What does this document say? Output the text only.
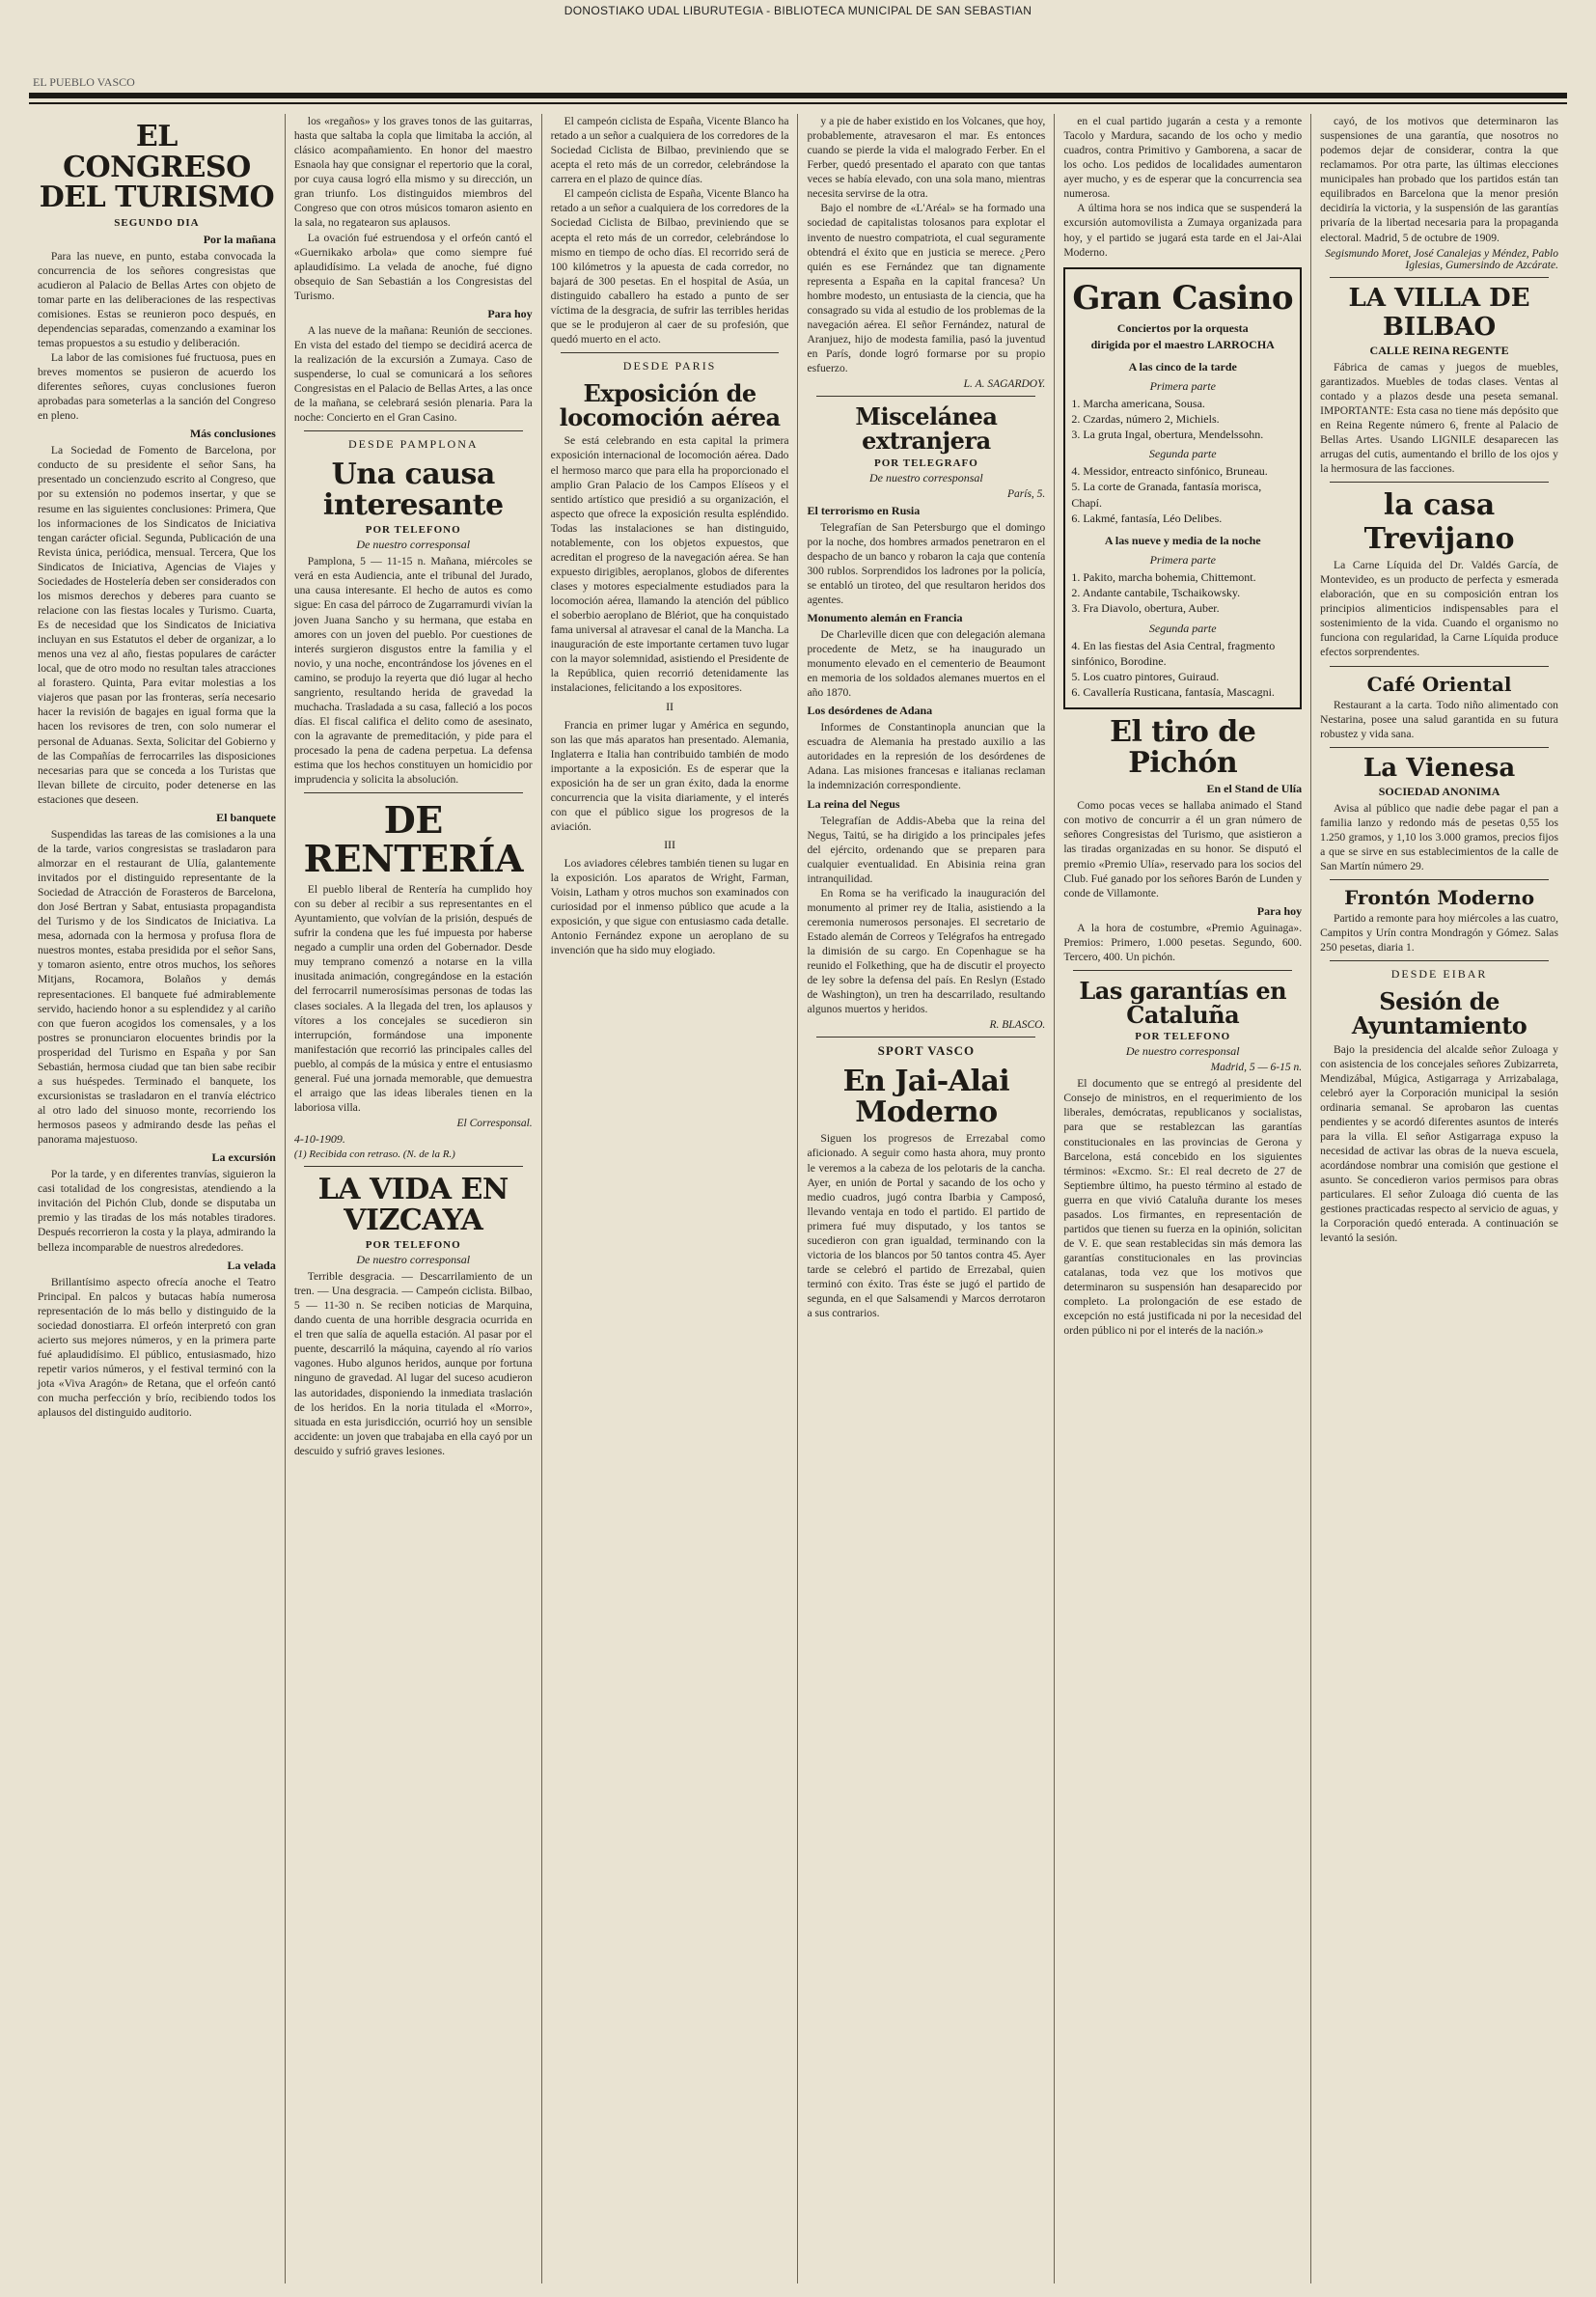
DONOSTIAKO UDAL LIBURUTEGIA - BIBLIOTECA MUNICIPAL DE SAN SEBASTIAN
EL PUEBLO VASCO
EL CONGRESO DEL TURISMO
SEGUNDO DIA
Por la mañana

Para las nueve, en punto, estaba convocada la concurrencia de los señores congresistas que acudieron al Palacio de Bellas Artes con objeto de tomar parte en las deliberaciones de las respectivas comisiones. Estas se reunieron poco después, en dependencias separadas, comenzando a examinar los temas propuestos a su estudio y deliberación.

La labor de las comisiones fué fructuosa, pues en breves momentos se pusieron de acuerdo los diferentes señores, cuyas conclusiones fueron aprobadas para someterlas a la sanción del Congreso en pleno.

Más conclusiones

La Sociedad de Fomento de Barcelona, por conducto de su presidente el señor Sans, ha presentado un concienzudo escrito al Congreso, que por su extensión no podemos insertar, y que se resume en las siguientes conclusiones: Primera, Que los informaciones de los Sindicatos de Iniciativa tengan carácter oficial. Segunda, Publicación de una Revista única, periódica, mensual. Tercera, Que los Sindicatos de Iniciativa, Agencias de Viajes y Sociedades de Hostelería deben ser considerados con los mismos derechos y deberes para cuanto se relacione con las fiestas locales y Turismo. Cuarta, Es de necesidad que los Sindicatos de Iniciativa incluyan en sus Estatutos el deber de organizar, a lo menos una vez al año, fiestas populares de carácter local, que de otro modo no resultan tales atracciones al forastero. Quinta, Para evitar molestias a los viajeros que pasan por las fronteras, sería necesario hacer la revisión de bagajes en igual forma que la hacen los revisores de tren, con solo numerar el personal de Aduanas. Sexta, Solicitar del Gobierno y de las Compañías de ferrocarriles las disposiciones necesarias para que se conceda a los Turistas que llevan billete de circuito, poder detenerse en las estaciones que deseen.

El banquete

Suspendidas las tareas de las comisiones a la una de la tarde, varios congresistas se trasladaron para almorzar en el restaurant de Ulía, galantemente invitados por el distinguido representante de la Sociedad de Atracción de Forasteros de Barcelona, don José Bertran y Sabat, entusiasta propagandista del Turismo y de los Sindicatos de Iniciativa. La mesa, adornada con la hermosa y profusa flora de nuestros montes, estaba presidida por el señor Sans, y tomaron asiento, entre otros muchos, los señores Mitjans, Rocamora, Bolaños y demás representaciones. El banquete fué admirablemente servido, haciendo honor a su esplendidez y al cariño con que fueron acogidos los comensales, y a los postres se pronunciaron elocuentes brindis por la prosperidad del Turismo en España y por San Sebastián, hermosa ciudad que tan bien sabe recibir a sus huéspedes. Terminado el banquete, los excursionistas se trasladaron en el tranvía eléctrico al otro lado del sinuoso monte, recorriendo los hermosos paseos y admirando desde las peñas el panorama majestuoso.

La excursión

Por la tarde, y en diferentes tranvías, siguieron la casi totalidad de los congresistas, atendiendo a la invitación del Pichón Club, donde se disputaba un premio y las tiradas de los más notables tiradores. Después recorrieron la costa y la playa, admirando la belleza incomparable de nuestros alrededores.

La velada

Brillantísimo aspecto ofrecía anoche el Teatro Principal. En palcos y butacas había numerosa representación de lo más bello y distinguido de la sociedad donostiarra. El orfeón interpretó con gran acierto sus mejores números, y en la primera parte fué aplaudidísimo. El público, entusiasmado, hizo repetir varios números, y el festival terminó con la jota «Viva Aragón» de Retana, que el orfeón cantó con mucha perfección y brío, recibiendo todos los aplausos del distinguido auditorio.

los «regaños» y los graves tonos de las guitarras, hasta que saltaba la copla que limitaba la acción, al clásico acompañamiento. En honor del maestro Esnaola hay que consignar el repertorio que la coral, por cuya causa logró ella mismo y su dirección, un gran triunfo. Los distinguidos miembros del Congreso que con otros músicos tomaron asiento en la sala, no regatearon sus aplausos.

La ovación fué estruendosa y el orfeón cantó el «Guernikako arbola» que como siempre fué aplaudidísimo. La velada de anoche, fué digno obsequio de San Sebastián a los Congresistas del Turismo.

Para hoy

A las nueve de la mañana: Reunión de secciones. En vista del estado del tiempo se decidirá acerca de la realización de la excursión a Zumaya. Caso de suspenderse, lo cual se comunicará a los señores Congresistas en el Palacio de Bellas Artes, a las once de la mañana, se celebrará sesión plenaria. Para la noche: Concierto en el Gran Casino.

DESDE PAMPLONA
Una causa interesante
POR TELEFONO
De nuestro corresponsal

Pamplona, 5 — 11-15 n. Mañana, miércoles se verá en esta Audiencia, ante el tribunal del Jurado, una causa interesante. El hecho de autos es como sigue: En casa del párroco de Zugarramurdi vivían la joven Juana Sancho y su hermana, que estaba en amores con un joven del pueblo. Por cuestiones de interés surgieron disgustos entre la familia y el novio, y una noche, encontrándose los jóvenes en el camino, se produjo la reyerta que dió lugar al hecho sangriento, resultando herida de gravedad la muchacha. Trasladada a su casa, falleció a los pocos días. El fiscal califica el delito como de asesinato, con la agravante de premeditación, y pide para el procesado la pena de cadena perpetua. La defensa estima que los hechos constituyen un homicidio por imprudencia y solicita la absolución.

DE RENTERÍA

El pueblo liberal de Rentería ha cumplido hoy con su deber al recibir a sus representantes en el Ayuntamiento, que volvían de la prisión, después de sufrir la condena que les fué impuesta por haberse negado a cumplir una orden del Gobernador. Desde muy temprano comenzó a notarse en la villa inusitada animación, congregándose en la estación del ferrocarril numerosísimas personas de todas las clases sociales. A la llegada del tren, los aplausos y vítores a los concejales se sucedieron sin interrupción, formándose una imponente manifestación que recorrió las principales calles del pueblo, al compás de la música y entre el entusiasmo general. Fué una jornada memorable, que demuestra el arraigo que las ideas liberales tienen en la laboriosa villa.

El Corresponsal.
4-10-1909.
(1) Recibida con retraso. (N. de la R.)
LA VIDA EN VIZCAYA
POR TELEFONO
De nuestro corresponsal

Terrible desgracia. — Descarrilamiento de un tren. — Una desgracia. — Campeón ciclista. Bilbao, 5 — 11-30 n. Se reciben noticias de Marquina, dando cuenta de una horrible desgracia ocurrida en el tren que salía de aquella estación. Al pasar por el puente, descarriló la máquina, cayendo al río varios vagones. Hubo algunos heridos, aunque por fortuna ninguno de gravedad. Al lugar del suceso acudieron las autoridades, disponiendo la inmediata traslación de los heridos. En la noria titulada el «Morro», situada en esta jurisdicción, ocurrió hoy un sensible accidente: un joven que trabajaba en ella cayó por un descuido y sufrió graves lesiones.

El campeón ciclista de España, Vicente Blanco ha retado a un señor a cualquiera de los corredores de la Sociedad Ciclista de Bilbao, previniendo que se acepta el reto más de un corredor, celebrándose la carrera en el plazo de quince días.

El campeón ciclista de España, Vicente Blanco ha retado a un señor a cualquiera de los corredores de la Sociedad Ciclista de Bilbao, previniendo que se acepta el reto más de un corredor, celebrándose lo mismo en tiempo de ocho días. El recorrido será de 100 kilómetros y la apuesta de cada corredor, no bajará de 300 pesetas. En el hospital de Asúa, un distinguido caballero ha estado a punto de ser víctima de la desgracia, de sufrir las terribles heridas que se le produjeron al caer de su profesión, que quedó muerto en el acto.

DESDE PARIS
Exposición de locomoción aérea

Se está celebrando en esta capital la primera exposición internacional de locomoción aérea. Dado el hermoso marco que para ella ha proporcionado el amplio Gran Palacio de los Campos Elíseos y el sentido artístico que presidió a su organización, el aspecto que ofrece la exposición resulta espléndido. Todas las instalaciones se han distinguido, notablemente, con los objetos expuestos, que acreditan el progreso de la navegación aérea. Se han expuesto dirigibles, aeroplanos, globos de diferentes clases y motores especialmente estudiados para la locomoción aérea, llamando la atención del público el soberbio aeroplano de Blériot, que ha conquistado fama universal al atravesar el canal de la Mancha. La inauguración de este importante certamen tuvo lugar con la mayor solemnidad, asistiendo el Presidente de la República, quien recorrió detenidamente las instalaciones, felicitando a los expositores.

II

Francia en primer lugar y América en segundo, son las que más aparatos han presentado. Alemania, Inglaterra e Italia han contribuido también de modo importante a la exposición. Es de esperar que la exposición ha de ser un gran éxito, dada la enorme concurrencia que la visita diariamente, y el interés con que el público sigue los progresos de la aviación.

III

Los aviadores célebres también tienen su lugar en la exposición. Los aparatos de Wright, Farman, Voisin, Latham y otros muchos son examinados con curiosidad por el inmenso público que acude a la exposición, y que sigue con entusiasmo cada detalle. Antonio Fernández expone un aeroplano de su invención que ha sido muy elogiado.

y a pie de haber existido en los Volcanes, que hoy, probablemente, atravesaron el mar. Es entonces cuando se pierde la vida el malogrado Ferber. En el Ferber, quedó presentado el aparato con que tantas veces se había elevado, con una sola mano, mientras necesita servirse de la otra.

Bajo el nombre de «L'Aréal» se ha formado una sociedad de capitalistas tolosanos para explotar el invento de nuestro compatriota, el cual seguramente obtendrá el éxito que en justicia se merece. ¿Pero quién es ese Fernández que tan dignamente representa a España en la capital francesa? Un hombre modesto, un entusiasta de la ciencia, que ha consagrado su vida al estudio de los problemas de la navegación aérea. El señor Fernández, natural de Aranjuez, hijo de modesta familia, pasó la juventud en París, donde logró formarse por su propio esfuerzo.

L. A. SAGARDOY.
Miscelánea extranjera
POR TELEGRAFO
De nuestro corresponsal
París, 5.
El terrorismo en Rusia

Telegrafían de San Petersburgo que el domingo por la noche, dos hombres armados penetraron en el despacho de un banco y robaron la caja que contenía 300 rublos. Sorprendidos los ladrones por la policía, se entabló un tiroteo, del que resultaron heridos dos agentes.

Monumento alemán en Francia

De Charleville dicen que con delegación alemana procedente de Metz, se ha inaugurado un monumento elevado en el cementerio de Beaumont en memoria de los soldados alemanes muertos en el año 1870.

Los desórdenes de Adana

Informes de Constantinopla anuncian que la escuadra de Alemania ha prestado auxilio a las autoridades en la represión de los desórdenes de Adana. Las misiones francesas e italianas reclaman la indemnización correspondiente.

La reina del Negus

Telegrafían de Addis-Abeba que la reina del Negus, Taitú, se ha dirigido a los principales jefes del ejército, ordenando que se preparen para cualquier eventualidad. En Abisinia reina gran intranquilidad.

En Roma se ha verificado la inauguración del monumento al primer rey de Italia, asistiendo a la ceremonia numerosos personajes. El secretario de Estado alemán de Correos y Telégrafos ha entregado la dimisión de su cargo. En Copenhague se ha reunido el Folkething, que ha de discutir el proyecto de ley sobre la defensa del país. En Reslyn (Estado de Washington), un tren ha descarrilado, resultando algunos muertos y heridos.

R. BLASCO.
SPORT VASCO
En Jai-Alai Moderno

Siguen los progresos de Errezabal como aficionado. A seguir como hasta ahora, muy pronto le veremos a la cabeza de los pelotaris de la cancha. Ayer, en unión de Portal y sacando de los ocho y medio cuadros, jugó contra Ibarbia y Camposó, llevando ventaja en todo el partido. El partido de primera fué muy disputado, y los tantos se sucedieron con gran igualdad, terminando con la victoria de los blancos por 50 tantos contra 45. Ayer tarde se celebró el partido de Errezabal, quien terminó con éxito. Tras éste se jugó el partido de segunda, en el que Salsamendi y Marcos derrotaron a sus contrarios.

en el cual partido jugarán a cesta y a remonte Tacolo y Mardura, sacando de los ocho y medio cuadros, contra Primitivo y Gamborena, a sacar de los ocho. Los pedidos de localidades aumentaron ayer mucho, y es de esperar que la concurrencia sea numerosa.

A última hora se nos indica que se suspenderá la excursión automovilista a Zumaya organizada para hoy, y el partido se jugará esta tarde en el Jai-Alai Moderno.

Gran Casino
Conciertos por la orquesta
dirigida por el maestro LARROCHA
A las cinco de la tarde
Primera parte

1. Marcha americana, Sousa.

2. Czardas, número 2, Michiels.

3. La gruta Ingal, obertura, Mendelssohn.

Segunda parte

4. Messidor, entreacto sinfónico, Bruneau.

5. La corte de Granada, fantasía morisca, Chapí.

6. Lakmé, fantasía, Léo Delibes.

A las nueve y media de la noche
Primera parte

1. Pakito, marcha bohemia, Chittemont.

2. Andante cantabile, Tschaikowsky.

3. Fra Diavolo, obertura, Auber.

Segunda parte

4. En las fiestas del Asia Central, fragmento sinfónico, Borodine.

5. Los cuatro pintores, Guiraud.

6. Cavallería Rusticana, fantasía, Mascagni.

El tiro de Pichón
En el Stand de Ulía

Como pocas veces se hallaba animado el Stand con motivo de concurrir a él un gran número de señores Congresistas del Turismo, que asistieron a las tiradas organizadas en su honor. Se disputó el premio «Premio Ulía», reservado para los socios del Club. Fué ganado por los señores Barón de Lunden y conde de Villamonte.

Para hoy

A la hora de costumbre, «Premio Aguinaga». Premios: Primero, 1.000 pesetas. Segundo, 600. Tercero, 400. Un pichón.

Las garantías en Cataluña
POR TELEFONO
De nuestro corresponsal
Madrid, 5 — 6-15 n.

El documento que se entregó al presidente del Consejo de ministros, en el requerimiento de los liberales, demócratas, republicanos y socialistas, para que se restablezcan las garantías constitucionales en las provincias de Gerona y Barcelona, está concebido en los siguientes términos: «Excmo. Sr.: El real decreto de 27 de Septiembre último, ha puesto término al estado de guerra en que vivió Cataluña durante los meses pasados. Los firmantes, en representación de partidos que tienen su fuerza en la opinión, solicitan de V. E. que sean restablecidas sin más demora las garantías constitucionales en las provincias catalanas, toda vez que los motivos que determinaron su suspensión han desaparecido por completo. La prolongación de ese estado de excepción no está justificada ni por la necesidad del orden público ni por el interés de la nación.»

cayó, de los motivos que determinaron las suspensiones de una garantía, que nosotros no podemos dejar de considerar, contra la que reclamamos. Por otra parte, las últimas elecciones municipales han probado que los partidos están tan equilibrados en Barcelona que la menor presión decidiría la victoria, y la suspensión de las garantías privaría de la libertad necesaria para la propaganda electoral. Madrid, 5 de octubre de 1909.

Segismundo Moret, José Canalejas y Méndez, Pablo Iglesias, Gumersindo de Azcárate.
LA VILLA DE BILBAO
CALLE REINA REGENTE

Fábrica de camas y juegos de muebles, garantizados. Muebles de todas clases. Ventas al contado y a plazos desde una peseta semanal. IMPORTANTE: Esta casa no tiene más depósito que en Reina Regente número 6, frente al Palacio de Bellas Artes. Usando LIGNILE desaparecen las arrugas del cutis, aumentando el brillo de los ojos y la hermosura de las facciones.

la casa Trevijano

La Carne Líquida del Dr. Valdés García, de Montevideo, es un producto de perfecta y esmerada elaboración, que en su composición entran los principios alimenticios indispensables para el sostenimiento de la vida. Cuando el organismo no funciona con regularidad, la Carne Líquida produce efectos sorprendentes.

Café Oriental

Restaurant a la carta. Todo niño alimentado con Nestarina, posee una salud garantida en su futura robustez y vida sana.

La Vienesa
SOCIEDAD ANONIMA

Avisa al público que nadie debe pagar el pan a familia lanzo y redondo más de pesetas 0,55 los 1.250 gramos, y 1,10 los 3.000 gramos, precios fijos a que se sirve en sus establecimientos de la calle de San Martín número 29.

Frontón Moderno

Partido a remonte para hoy miércoles a las cuatro, Campitos y Urín contra Mondragón y Gómez. Salas 250 pesetas, diaria 1.

DESDE EIBAR
Sesión de Ayuntamiento

Bajo la presidencia del alcalde señor Zuloaga y con asistencia de los concejales señores Zubizarreta, Mendizábal, Múgica, Astigarraga y Arrizabalaga, celebró ayer la Corporación municipal la sesión ordinaria semanal. Se aprobaron las cuentas pendientes y se acordó diferentes asuntos de interés para la villa. El señor Astigarraga expuso la necesidad de activar las obras de la nueva escuela, acordándose nombrar una comisión que gestione el asunto. Se concedieron varios permisos para obras particulares. El señor Zuloaga dió cuenta de las gestiones practicadas respecto al servicio de aguas, y la Corporación quedó enterada. A continuación se levantó la sesión.
